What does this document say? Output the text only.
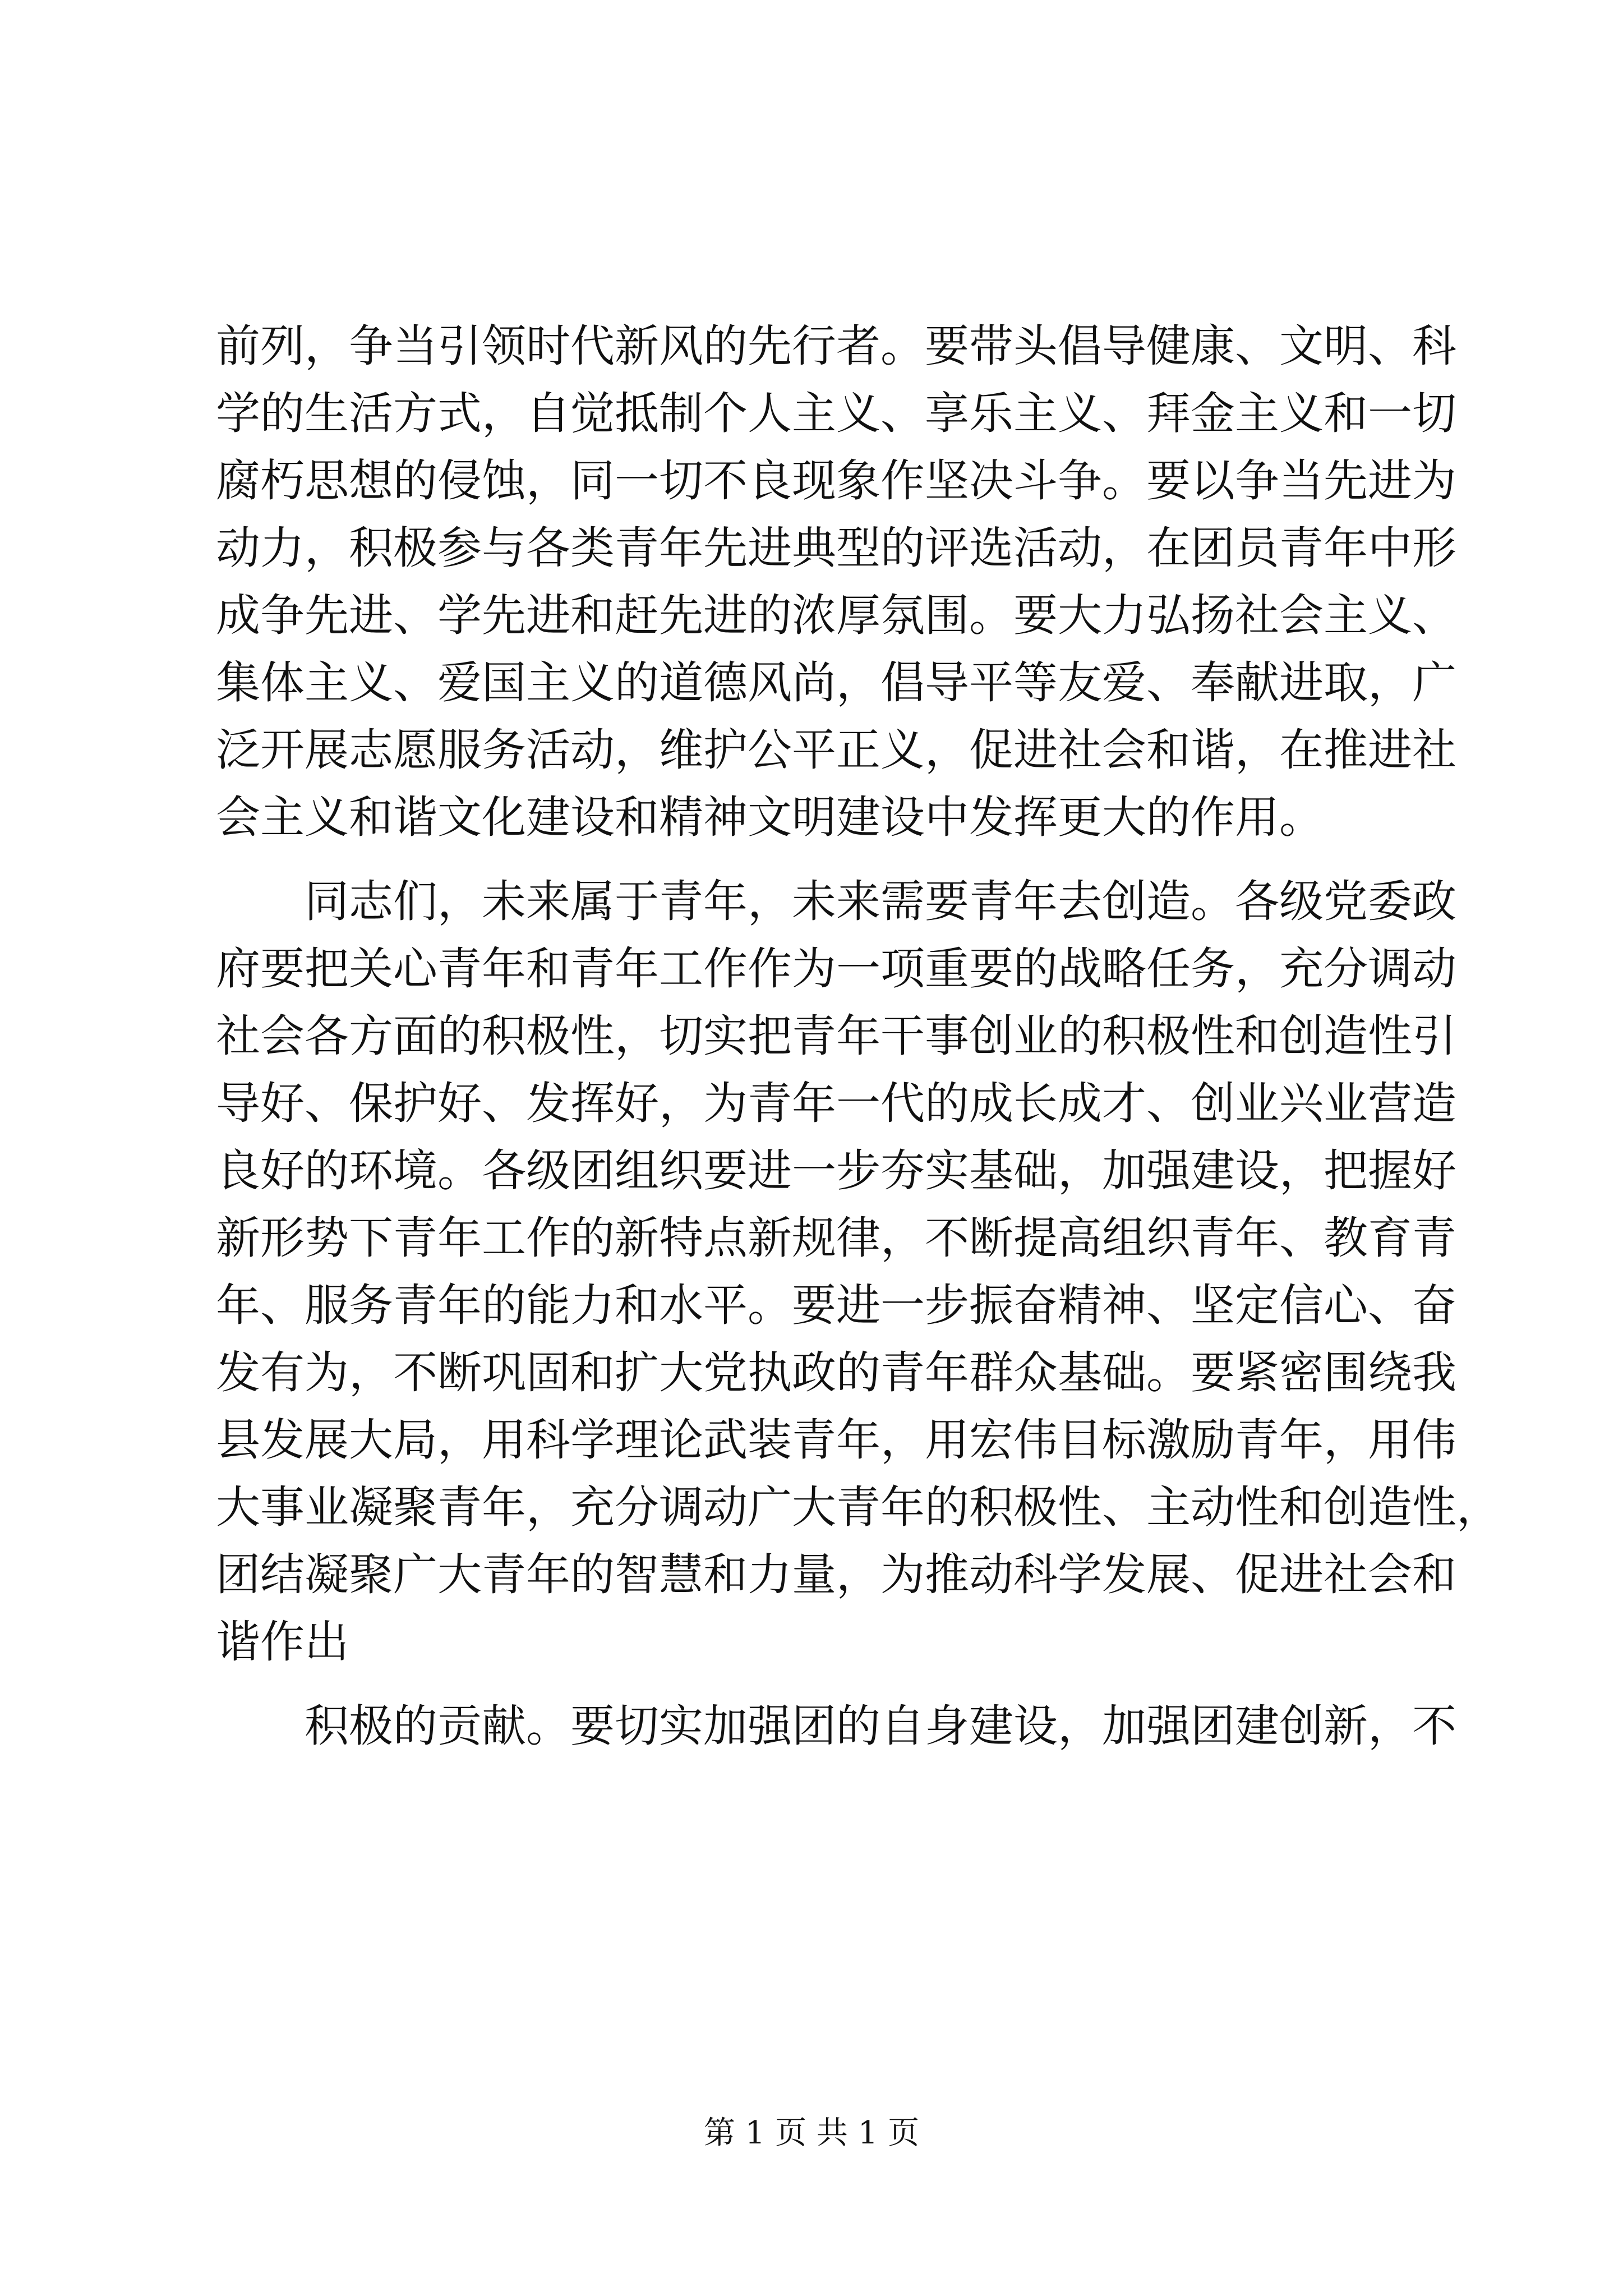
前列，争当引领时代新风的先行者。要带头倡导健康、文明、科
学的生活方式，自觉抵制个人主义、享乐主义、拜金主义和一切
腐朽思想的侵蚀，同一切不良现象作坚决斗争。要以争当先进为
动力，积极参与各类青年先进典型的评选活动，在团员青年中形
成争先进、学先进和赶先进的浓厚氛围。要大力弘扬社会主义、
集体主义、爱国主义的道德风尚，倡导平等友爱、奉献进取，广
泛开展志愿服务活动，维护公平正义，促进社会和谐，在推进社
会主义和谐文化建设和精神文明建设中发挥更大的作用。
同志们，未来属于青年，未来需要青年去创造。各级党委政
府要把关心青年和青年工作作为一项重要的战略任务，充分调动
社会各方面的积极性，切实把青年干事创业的积极性和创造性引
导好、保护好、发挥好，为青年一代的成长成才、创业兴业营造
良好的环境。各级团组织要进一步夯实基础，加强建设，把握好
新形势下青年工作的新特点新规律，不断提高组织青年、教育青
年、服务青年的能力和水平。要进一步振奋精神、坚定信心、奋
发有为，不断巩固和扩大党执政的青年群众基础。要紧密围绕我
县发展大局，用科学理论武装青年，用宏伟目标激励青年，用伟
大事业凝聚青年，充分调动广大青年的积极性、主动性和创造性，
团结凝聚广大青年的智慧和力量，为推动科学发展、促进社会和
谐作出
积极的贡献。要切实加强团的自身建设，加强团建创新，不
第 1 页 共 1 页
